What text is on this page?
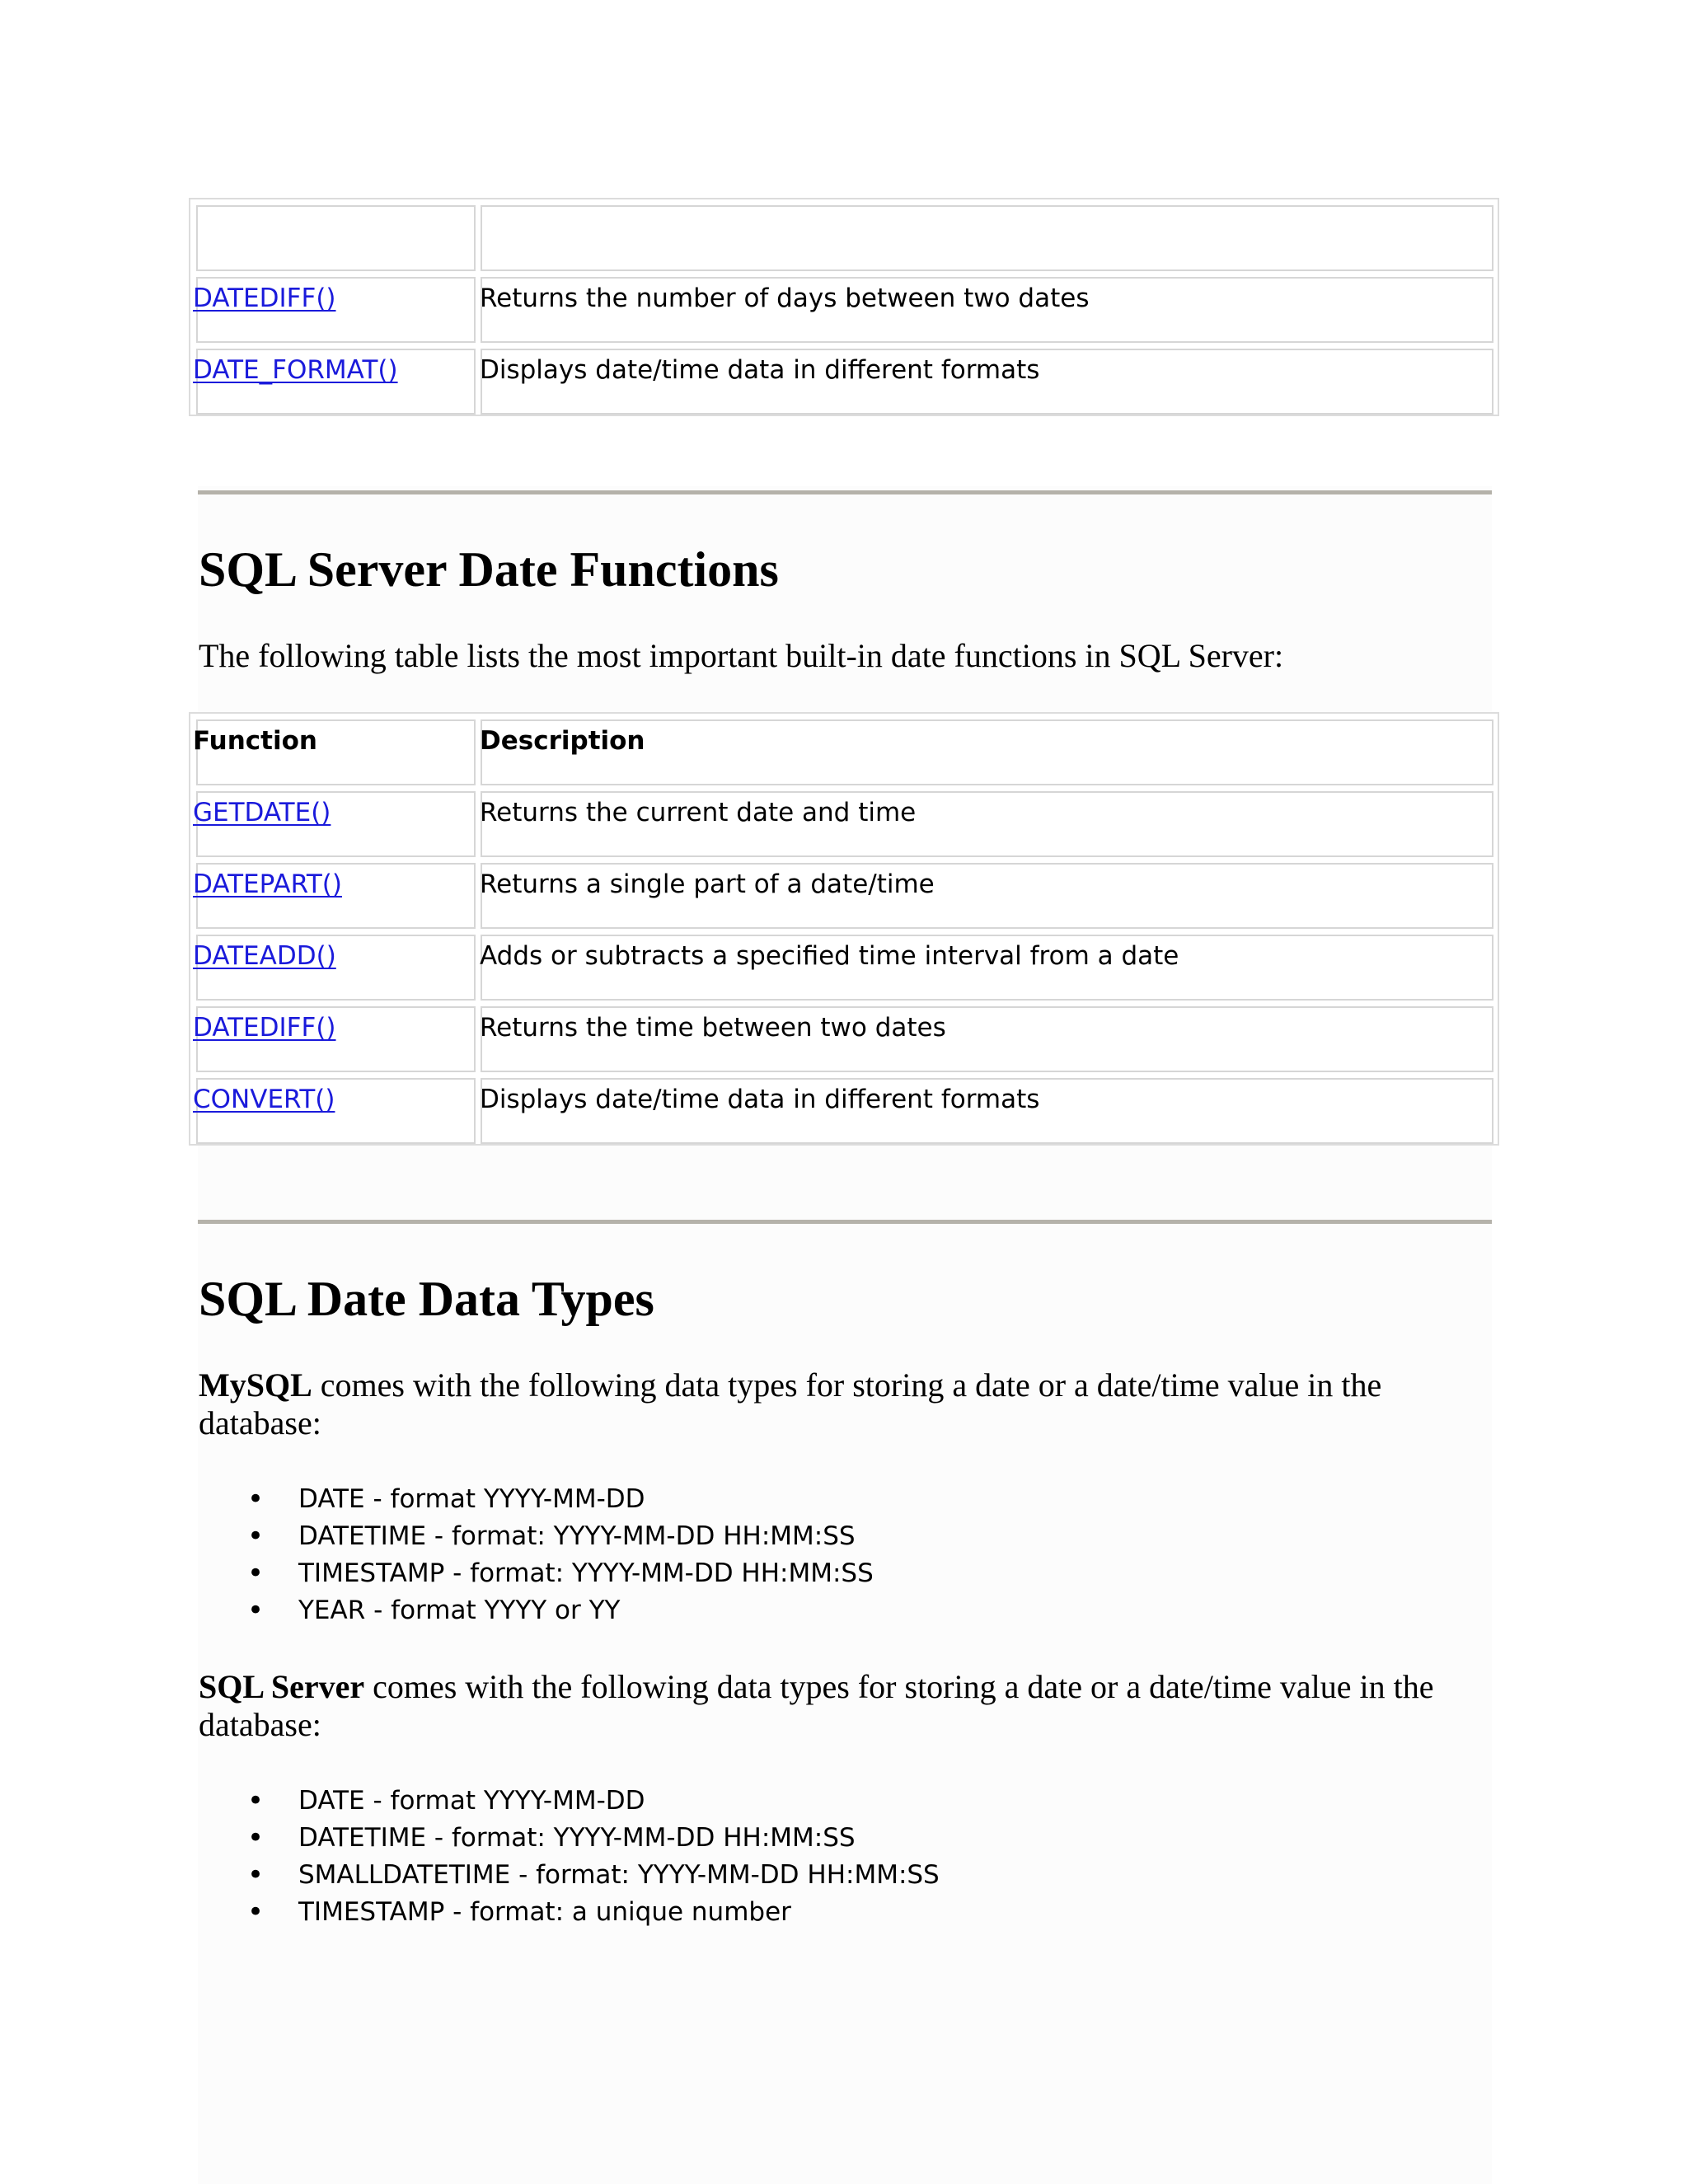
DATEDIFF()	Returns the number of days between two dates
DATE_FORMAT()	Displays date/time data in different formats
SQL Server Date Functions

The following table lists the most important built-in date functions in SQL Server:

Function	Description
GETDATE()	Returns the current date and time
DATEPART()	Returns a single part of a date/time
DATEADD()	Adds or subtracts a specified time interval from a date
DATEDIFF()	Returns the time between two dates
CONVERT()	Displays date/time data in different formats
SQL Date Data Types

MySQL comes with the following data types for storing a date or a date/time value in the database:

• DATE - format YYYY-MM-DD
• DATETIME - format: YYYY-MM-DD HH:MM:SS
• TIMESTAMP - format: YYYY-MM-DD HH:MM:SS
• YEAR - format YYYY or YY

SQL Server comes with the following data types for storing a date or a date/time value in the database:

• DATE - format YYYY-MM-DD
• DATETIME - format: YYYY-MM-DD HH:MM:SS
• SMALLDATETIME - format: YYYY-MM-DD HH:MM:SS
• TIMESTAMP - format: a unique number
